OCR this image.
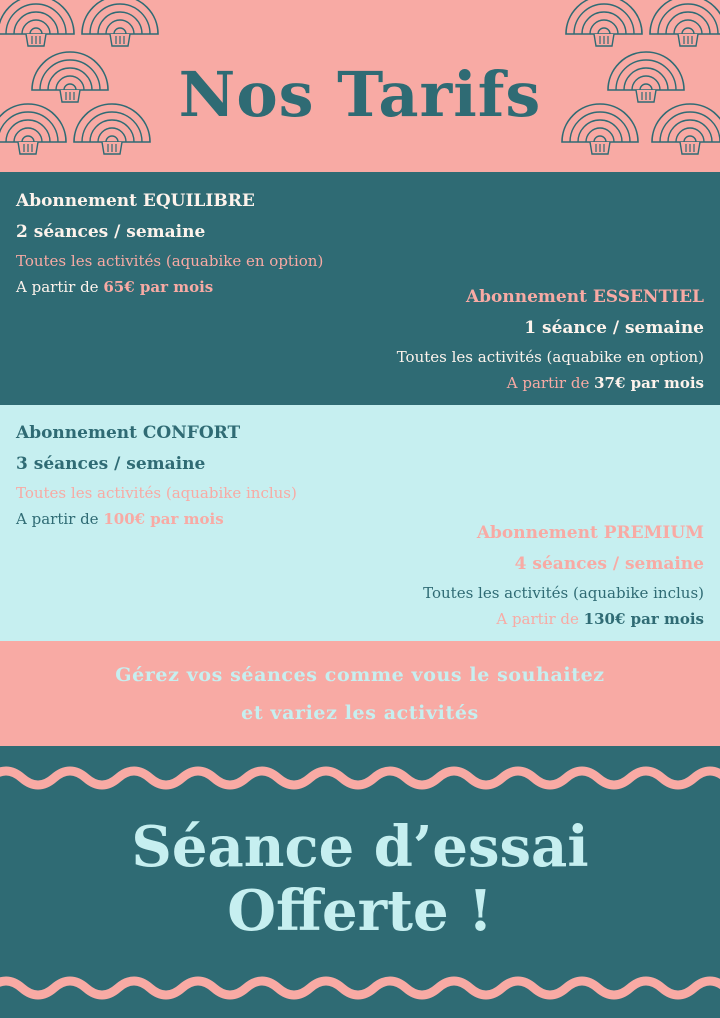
Nos Tarifs
Abonnement EQUILIBRE
2 séances / semaine
Toutes les activités (aquabike en option)
A partir de 65€ par mois	Abonnement ESSENTIEL
1 séance / semaine
Toutes les activités (aquabike en option)
A partir de 37€ par mois
Abonnement CONFORT
3 séances / semaine
Toutes les activités (aquabike inclus)
A partir de 100€ par mois
Abonnement PREMIUM
4 séances / semaine
Toutes les activités (aquabike inclus)
A partir de 130€ par mois
Gérez vos séances comme vous le souhaitez
et variez les activités
Séance d’essai
Offerte !
